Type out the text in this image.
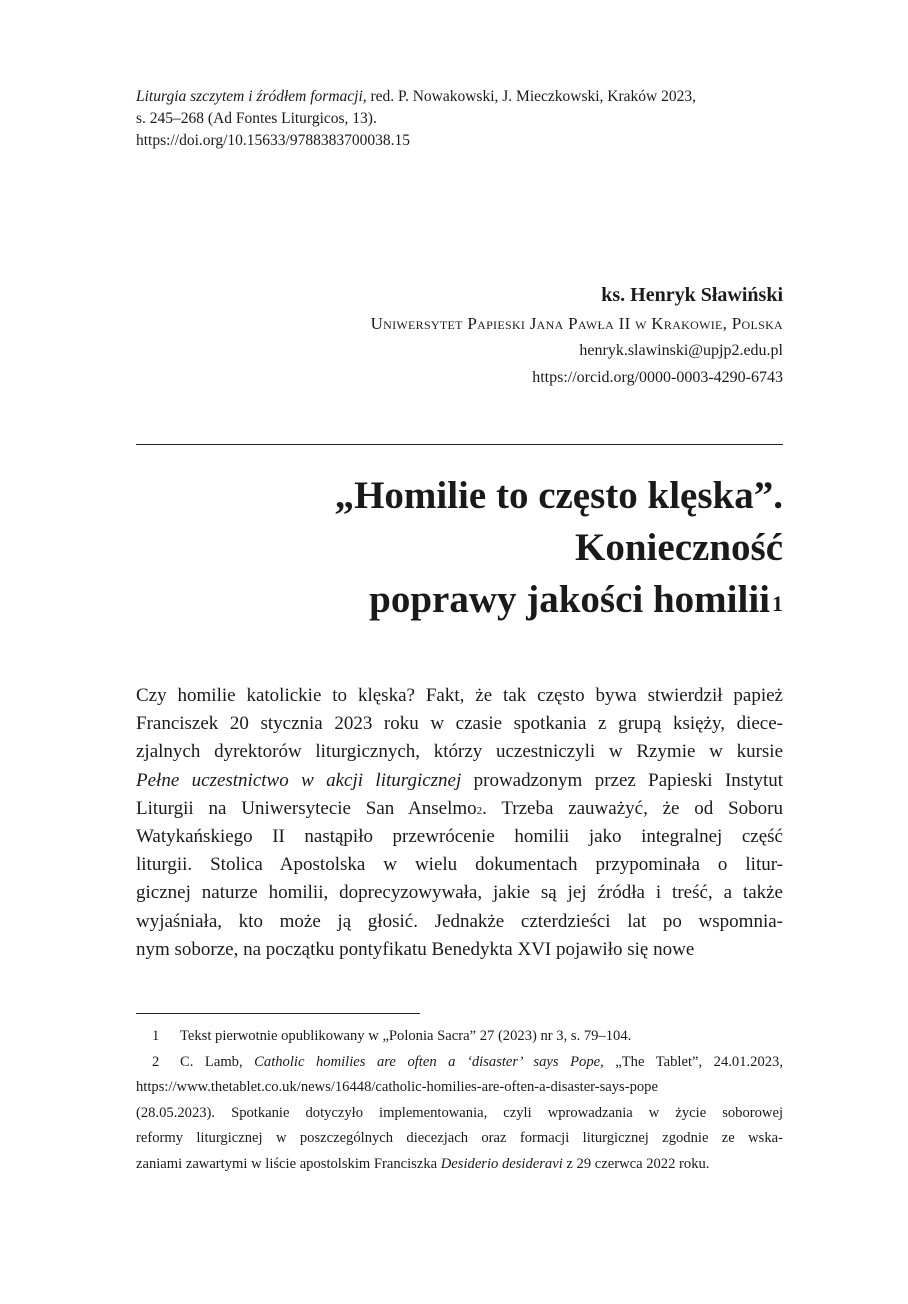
Liturgia szczytem i źródłem formacji, red. P. Nowakowski, J. Mieczkowski, Kraków 2023,
s. 245–268 (Ad Fontes Liturgicos, 13).
https://doi.org/10.15633/9788383700038.15
ks. Henryk Sławiński
Uniwersytet Papieski Jana Pawła II w Krakowie, Polska
henryk.slawinski@upjp2.edu.pl
https://orcid.org/0000-0003-4290-6743
„Homilie to często klęska”.
Konieczność
poprawy jakości homilii$^1$
Czy homilie katolickie to klęska? Fakt, że tak często bywa stwierdził papież
Franciszek 20 stycznia 2023 roku w czasie spotkania z grupą księży, diece-
zjalnych dyrektorów liturgicznych, którzy uczestniczyli w Rzymie w kursie
Pełne uczestnictwo w akcji liturgicznej prowadzonym przez Papieski Instytut
Liturgii na Uniwersytecie San Anselmo$^2$. Trzeba zauważyć, że od Soboru
Watykańskiego II nastąpiło przewrócenie homilii jako integralnej część
liturgii. Stolica Apostolska w wielu dokumentach przypominała o litur-
gicznej naturze homilii, doprecyzowywała, jakie są jej źródła i treść, a także
wyjaśniała, kto może ją głosić. Jednakże czterdzieści lat po wspomnia-
nym soborze, na początku pontyfikatu Benedykta XVI pojawiło się nowe
1 Tekst pierwotnie opublikowany w „Polonia Sacra” 27 (2023) nr 3, s. 79–104.
2 C. Lamb, Catholic homilies are often a ‘disaster’ says Pope, „The Tablet”, 24.01.2023,
https://www.thetablet.co.uk/news/16448/catholic-homilies-are-often-a-disaster-says-pope
(28.05.2023). Spotkanie dotyczyło implementowania, czyli wprowadzania w życie soborowej
reformy liturgicznej w poszczególnych diecezjach oraz formacji liturgicznej zgodnie ze wska-
zaniami zawartymi w liście apostolskim Franciszka Desiderio desideravi z 29 czerwca 2022 roku.
